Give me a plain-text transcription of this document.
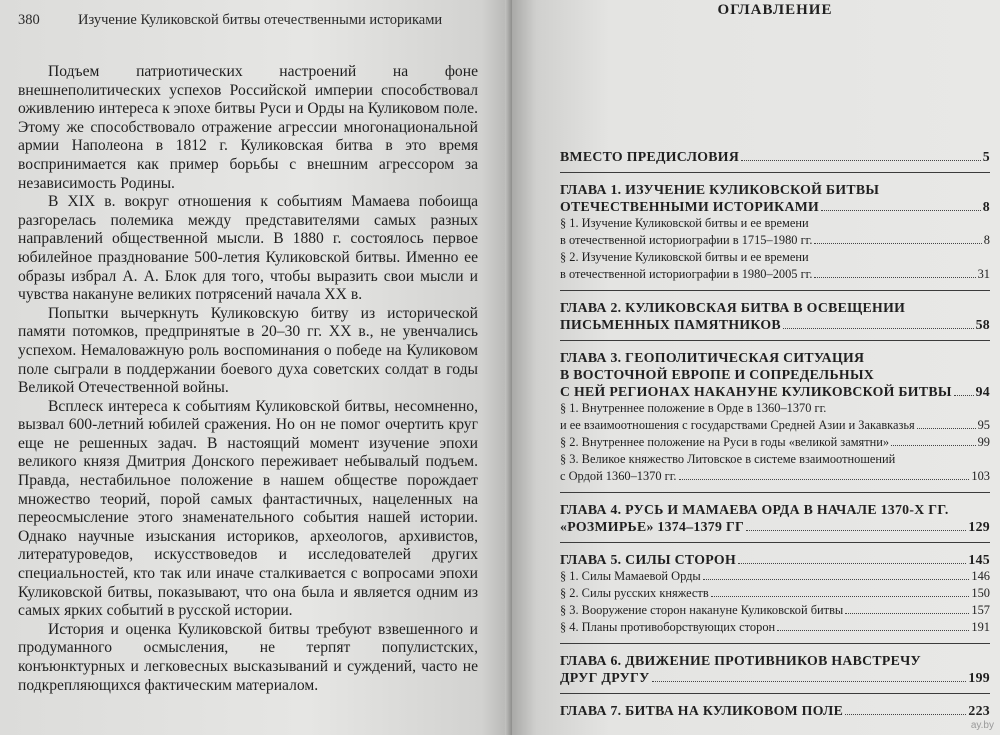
380	Изучение Куликовской битвы отечественными историками

Подъем патриотических настроений на фоне внешнеполитических успехов Российской империи способствовал оживлению интереса к эпохе битвы Руси и Орды на Куликовом поле. Этому же способствовало отражение агрессии многонациональной армии Наполеона в 1812 г. Куликовская битва в это время воспринимается как пример борьбы с внешним агрессором за независимость Родины.

В XIX в. вокруг отношения к событиям Мамаева побоища разгорелась полемика между представителями самых разных направлений общественной мысли. В 1880 г. состоялось первое юбилейное празднование 500-летия Куликовской битвы. Именно ее образы избрал А. А. Блок для того, чтобы выразить свои мысли и чувства накануне великих потрясений начала XX в.

Попытки вычеркнуть Куликовскую битву из исторической памяти потомков, предпринятые в 20–30 гг. XX в., не увенчались успехом. Немаловажную роль воспоминания о победе на Куликовом поле сыграли в поддержании боевого духа советских солдат в годы Великой Отечественной войны.

Всплеск интереса к событиям Куликовской битвы, несомненно, вызвал 600-летний юбилей сражения. Но он не помог очертить круг еще не решенных задач. В настоящий момент изучение эпохи великого князя Дмитрия Донского переживает небывалый подъем. Правда, нестабильное положение в нашем обществе порождает множество теорий, порой самых фантастичных, нацеленных на переосмысление этого знаменательного события нашей истории. Однако научные изыскания историков, археологов, архивистов, литературоведов, искусствоведов и исследователей других специальностей, кто так или иначе сталкивается с вопросами эпохи Куликовской битвы, показывают, что она была и является одним из самых ярких событий в русской истории.

История и оценка Куликовской битвы требуют взвешенного и продуманного осмысления, не терпят популистских, конъюнктурных и легковесных высказываний и суждений, часто не подкрепляющихся фактическим материалом.

ОГЛАВЛЕНИЕ
ВМЕСТО ПРЕДИСЛОВИЯ	5
ГЛАВА 1. ИЗУЧЕНИЕ КУЛИКОВСКОЙ БИТВЫ
ОТЕЧЕСТВЕННЫМИ ИСТОРИКАМИ	8
§ 1. Изучение Куликовской битвы и ее времени
в отечественной историографии в 1715–1980 гг.	8
§ 2. Изучение Куликовской битвы и ее времени
в отечественной историографии в 1980–2005 гг.	31
ГЛАВА 2. КУЛИКОВСКАЯ БИТВА В ОСВЕЩЕНИИ
ПИСЬМЕННЫХ ПАМЯТНИКОВ	58
ГЛАВА 3. ГЕОПОЛИТИЧЕСКАЯ СИТУАЦИЯ
В ВОСТОЧНОЙ ЕВРОПЕ И СОПРЕДЕЛЬНЫХ
С НЕЙ РЕГИОНАХ НАКАНУНЕ КУЛИКОВСКОЙ БИТВЫ 94
§ 1. Внутреннее положение в Орде в 1360–1370 гг.
и ее взаимоотношения с государствами Средней Азии и Закавказья	95
§ 2. Внутреннее положение на Руси в годы «великой замятни»	99
§ 3. Великое княжество Литовское в системе взаимоотношений
с Ордой 1360–1370 гг.	103
ГЛАВА 4. РУСЬ И МАМАЕВА ОРДА В НАЧАЛЕ 1370-Х ГГ.
«РОЗМИРЬЕ» 1374–1379 ГГ	129
ГЛАВА 5. СИЛЫ СТОРОН	145
§ 1. Силы Мамаевой Орды	146
§ 2. Силы русских княжеств	150
§ 3. Вооружение сторон накануне Куликовской битвы	157
§ 4. Планы противоборствующих сторон	191
ГЛАВА 6. ДВИЖЕНИЕ ПРОТИВНИКОВ НАВСТРЕЧУ
ДРУГ ДРУГУ	199
ГЛАВА 7. БИТВА НА КУЛИКОВОМ ПОЛЕ	223
ay.by
